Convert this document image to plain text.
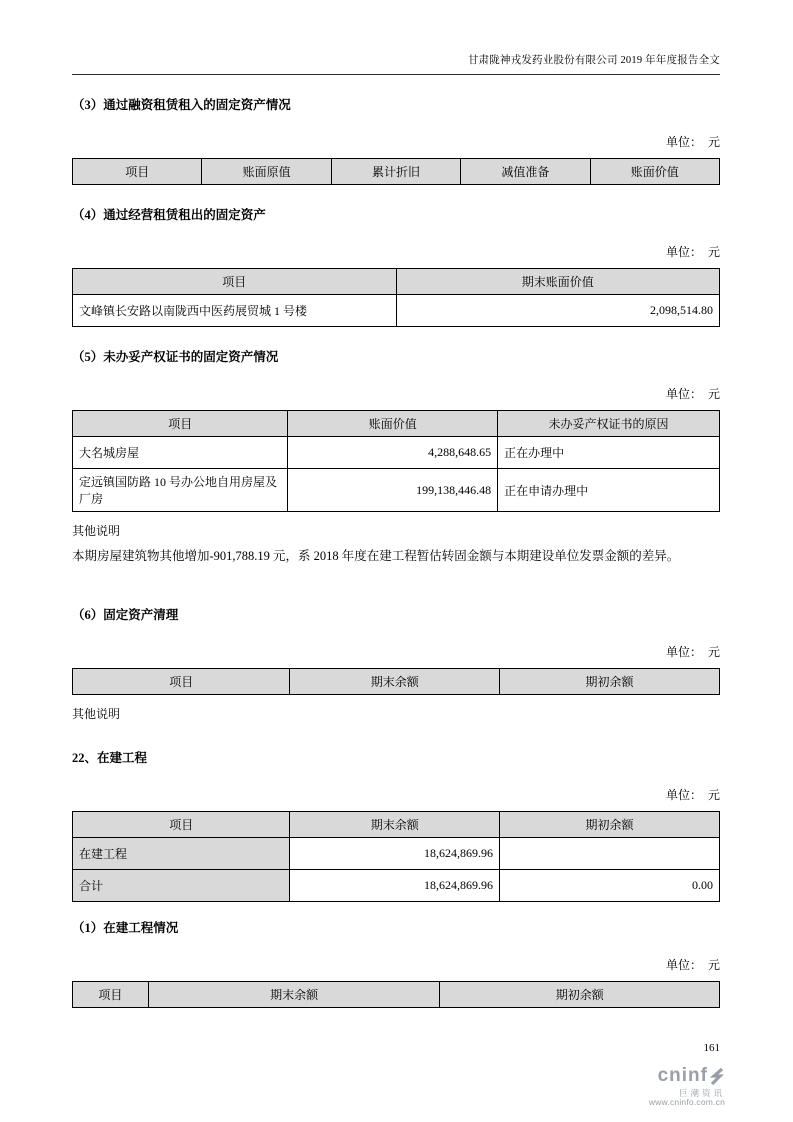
甘肃陇神戎发药业股份有限公司 2019 年年度报告全文
（3）通过融资租赁租入的固定资产情况
单位：　元
项目	账面原值	累计折旧	减值准备	账面价值
（4）通过经营租赁租出的固定资产
单位：　元
项目	期末账面价值
文峰镇长安路以南陇西中医药展贸城 1 号楼	2,098,514.80
（5）未办妥产权证书的固定资产情况
单位：　元
项目	账面价值	未办妥产权证书的原因
大名城房屋	4,288,648.65	正在办理中
定远镇国防路 10 号办公地自用房屋及厂房	199,138,446.48	正在申请办理中
其他说明
本期房屋建筑物其他增加-901,788.19 元，系 2018 年度在建工程暂估转固金额与本期建设单位发票金额的差异。
（6）固定资产清理
单位：　元
项目	期末余额	期初余额
其他说明
22、在建工程
单位：　元
项目	期末余额	期初余额
在建工程	18,624,869.96	
合计	18,624,869.96	0.00
（1）在建工程情况
单位：　元
项目	期末余额	期初余额
161
cninf
巨潮资讯
www.cninfo.com.cn
